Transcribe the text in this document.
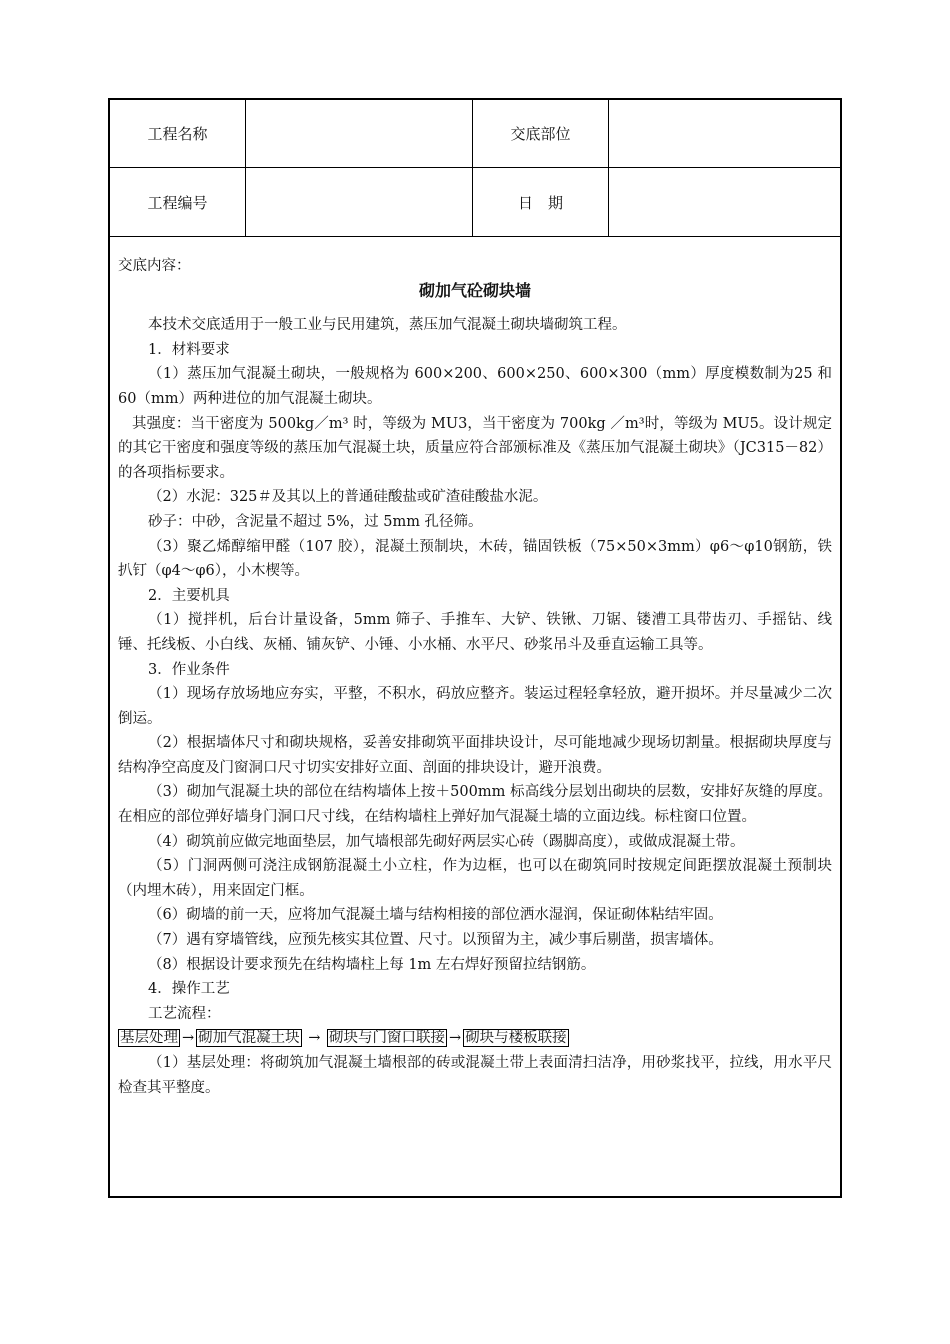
工程名称	交底部位
工程编号	日　期
交底内容：
砌加气砼砌块墙

本技术交底适用于一般工业与民用建筑，蒸压加气混凝土砌块墙砌筑工程。

1．材料要求

（1）蒸压加气混凝土砌块，一般规格为 600×200、600×250、600×300（mm）厚度模数制为25 和 60（mm）两种进位的加气混凝土砌块。

其强度：当干密度为 500kg／m³ 时，等级为 MU3，当干密度为 700kg ／m³时，等级为 MU5。设计规定的其它干密度和强度等级的蒸压加气混凝土块，质量应符合部颁标准及《蒸压加气混凝土砌块》（JC315－82）的各项指标要求。

（2）水泥：325＃及其以上的普通硅酸盐或矿渣硅酸盐水泥。

砂子：中砂，含泥量不超过 5%，过 5mm 孔径筛。

（3）聚乙烯醇缩甲醛（107 胶），混凝土预制块，木砖，锚固铁板（75×50×3mm）φ6～φ10钢筋，铁扒钉（φ4～φ6），小木楔等。

2．主要机具

（1）搅拌机，后台计量设备，5mm 筛子、手推车、大铲、铁锹、刀锯、镂漕工具带齿刃、手摇钻、线锤、托线板、小白线、灰桶、铺灰铲、小锤、小水桶、水平尺、砂浆吊斗及垂直运输工具等。

3．作业条件

（1）现场存放场地应夯实，平整，不积水，码放应整齐。装运过程轻拿轻放，避开损坏。并尽量减少二次倒运。

（2）根据墙体尺寸和砌块规格，妥善安排砌筑平面排块设计，尽可能地减少现场切割量。根据砌块厚度与结构净空高度及门窗洞口尺寸切实安排好立面、剖面的排块设计，避开浪费。

（3）砌加气混凝土块的部位在结构墙体上按＋500mm 标高线分层划出砌块的层数，安排好灰缝的厚度。在相应的部位弹好墙身门洞口尺寸线，在结构墙柱上弹好加气混凝土墙的立面边线。标柱窗口位置。

（4）砌筑前应做完地面垫层，加气墙根部先砌好两层实心砖（踢脚高度），或做成混凝土带。

（5）门洞两侧可浇注成钢筋混凝土小立柱，作为边框，也可以在砌筑同时按规定间距摆放混凝土预制块（内埋木砖），用来固定门框。

（6）砌墙的前一天，应将加气混凝土墙与结构相接的部位洒水湿润，保证砌体粘结牢固。

（7）遇有穿墙管线，应预先核实其位置、尺寸。以预留为主，减少事后剔凿，损害墙体。

（8）根据设计要求预先在结构墙柱上每 1m 左右焊好预留拉结钢筋。

4．操作工艺

工艺流程：

基层处理 → 砌加气混凝土块 → 砌块与门窗口联接 → 砌块与楼板联接

（1）基层处理：将砌筑加气混凝土墙根部的砖或混凝土带上表面清扫洁净，用砂浆找平，拉线，用水平尺检查其平整度。
